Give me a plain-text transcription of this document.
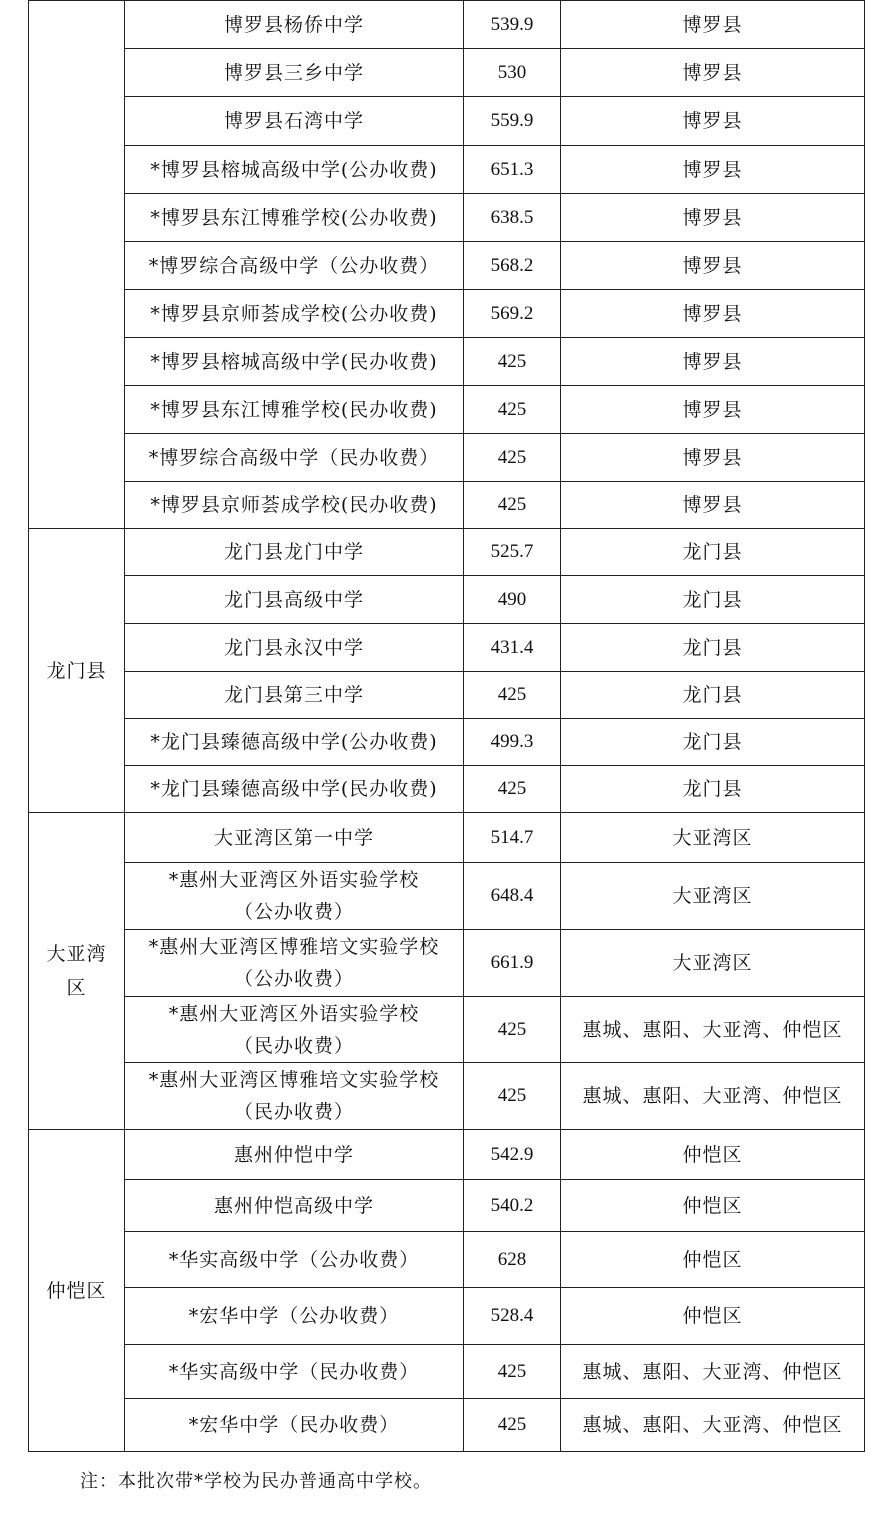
	博罗县杨侨中学	539.9	博罗县

	博罗县三乡中学	530	博罗县

	博罗县石湾中学	559.9	博罗县

	*博罗县榕城高级中学(公办收费)	651.3	博罗县

	*博罗县东江博雅学校(公办收费)	638.5	博罗县

	*博罗综合高级中学（公办收费）	568.2	博罗县

	*博罗县京师荟成学校(公办收费)	569.2	博罗县

	*博罗县榕城高级中学(民办收费)	425	博罗县

	*博罗县东江博雅学校(民办收费)	425	博罗县

	*博罗综合高级中学（民办收费）	425	博罗县

	*博罗县京师荟成学校(民办收费)	425	博罗县
龙门县	龙门县龙门中学	525.7	龙门县

	龙门县高级中学	490	龙门县

	龙门县永汉中学	431.4	龙门县

	龙门县第三中学	425	龙门县

	*龙门县臻德高级中学(公办收费)	499.3	龙门县

	*龙门县臻德高级中学(民办收费)	425	龙门县

大亚湾
区	大亚湾区第一中学	514.7	大亚湾区

	*惠州大亚湾区外语实验学校
（公办收费）	648.4	大亚湾区

	*惠州大亚湾区博雅培文实验学校
（公办收费）	661.9	大亚湾区

	*惠州大亚湾区外语实验学校
（民办收费）	425	惠城、惠阳、大亚湾、仲恺区

	*惠州大亚湾区博雅培文实验学校
（民办收费）	425	惠城、惠阳、大亚湾、仲恺区
仲恺区	惠州仲恺中学	542.9	仲恺区

	惠州仲恺高级中学	540.2	仲恺区

	*华实高级中学（公办收费）	628	仲恺区

	*宏华中学（公办收费）	528.4	仲恺区

	*华实高级中学（民办收费）	425	惠城、惠阳、大亚湾、仲恺区

	*宏华中学（民办收费）	425	惠城、惠阳、大亚湾、仲恺区
注：本批次带*学校为民办普通高中学校。
